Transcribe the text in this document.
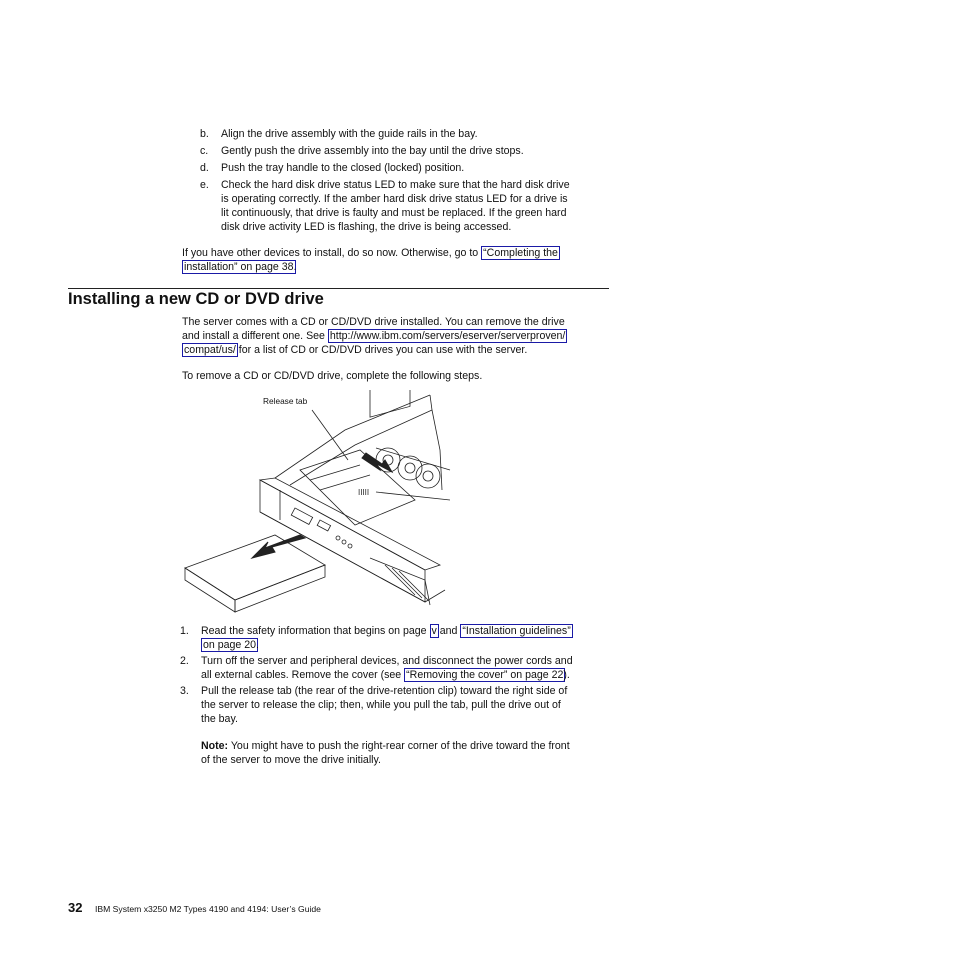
b. Align the drive assembly with the guide rails in the bay.
c. Gently push the drive assembly into the bay until the drive stops.
d. Push the tray handle to the closed (locked) position.
e. Check the hard disk drive status LED to make sure that the hard disk drive
is operating correctly. If the amber hard disk drive status LED for a drive is
lit continuously, that drive is faulty and must be replaced. If the green hard
disk drive activity LED is flashing, the drive is being accessed.
If you have other devices to install, do so now. Otherwise, go to “Completing the
installation” on page 38.
Installing a new CD or DVD drive
The server comes with a CD or CD/DVD drive installed. You can remove the drive
and install a different one. See http://www.ibm.com/servers/eserver/serverproven/
compat/us/ for a list of CD or CD/DVD drives you can use with the server.
To remove a CD or CD/DVD drive, complete the following steps.
Release tab
lllll
1. Read the safety information that begins on page v and “Installation guidelines”
on page 20.
2. Turn off the server and peripheral devices, and disconnect the power cords and
all external cables. Remove the cover (see “Removing the cover” on page 22).
3. Pull the release tab (the rear of the drive-retention clip) toward the right side of
the server to release the clip; then, while you pull the tab, pull the drive out of
the bay.
Note: You might have to push the right-rear corner of the drive toward the front
of the server to move the drive initially.
32 IBM System x3250 M2 Types 4190 and 4194: User’s Guide
